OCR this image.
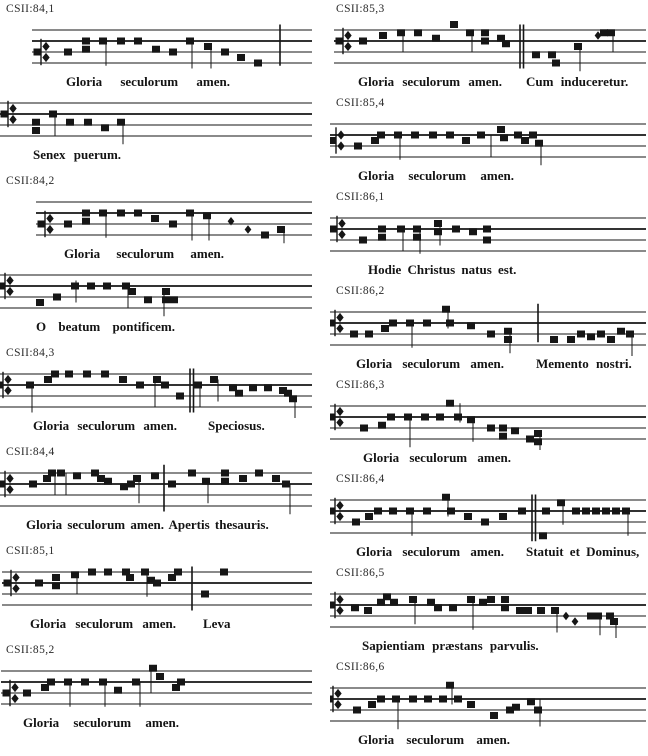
CSII:84,1
Gloria seculorum amen.
Senex puerum.
CSII:84,2
Gloria seculorum amen.
O beatum pontificem.
CSII:84,3
Gloria seculorum amen. Speciosus.
CSII:84,4
Gloria seculorum amen. Apertis thesauris.
CSII:85,1
Gloria seculorum amen. Leva
CSII:85,2
Gloria seculorum amen.
CSII:85,3
Gloria seculorum amen. Cum induceretur.
CSII:85,4
Gloria seculorum amen.
CSII:86,1
Hodie Christus natus est.
CSII:86,2
Gloria seculorum amen. Memento nostri.
CSII:86,3
Gloria seculorum amen.
CSII:86,4
Gloria seculorum amen. Statuit et Dominus,
CSII:86,5
Sapientiam præstans parvulis.
CSII:86,6
Gloria seculorum amen.
